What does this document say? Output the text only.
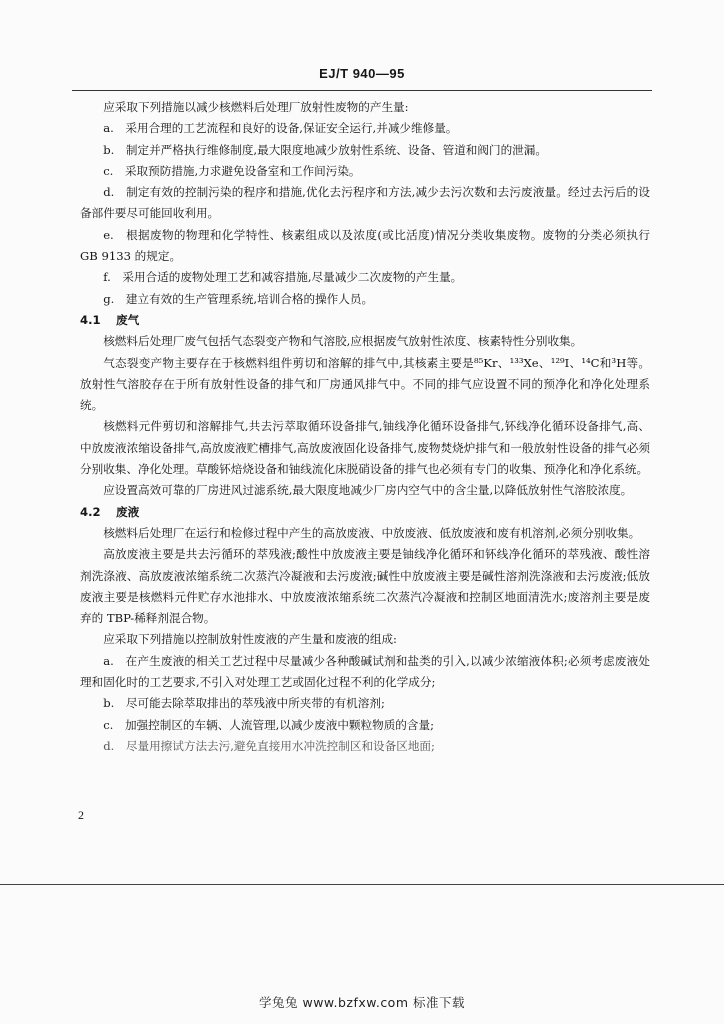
EJ/T 940—95

应采取下列措施以减少核燃料后处理厂放射性废物的产生量:

a.　采用合理的工艺流程和良好的设备,保证安全运行,并减少维修量。

b.　制定并严格执行维修制度,最大限度地减少放射性系统、设备、管道和阀门的泄漏。

c.　采取预防措施,力求避免设备室和工作间污染。

d.　制定有效的控制污染的程序和措施,优化去污程序和方法,减少去污次数和去污废液量。经过去污后的设备部件要尽可能回收利用。

e.　根据废物的物理和化学特性、核素组成以及浓度(或比活度)情况分类收集废物。废物的分类必须执行 GB 9133 的规定。

f.　采用合适的废物处理工艺和减容措施,尽量减少二次废物的产生量。

g.　建立有效的生产管理系统,培训合格的操作人员。

4.1 废气

核燃料后处理厂废气包括气态裂变产物和气溶胶,应根据废气放射性浓度、核素特性分别收集。

气态裂变产物主要存在于核燃料组件剪切和溶解的排气中,其核素主要是⁸⁵Kr、¹³³Xe、¹²⁹I、¹⁴C和³H等。放射性气溶胶存在于所有放射性设备的排气和厂房通风排气中。不同的排气应设置不同的预净化和净化处理系统。

核燃料元件剪切和溶解排气,共去污萃取循环设备排气,铀线净化循环设备排气,钚线净化循环设备排气,高、中放废液浓缩设备排气,高放废液贮槽排气,高放废液固化设备排气,废物焚烧炉排气和一般放射性设备的排气必须分别收集、净化处理。草酸钚焙烧设备和铀线流化床脱硝设备的排气也必须有专门的收集、预净化和净化系统。

应设置高效可靠的厂房进风过滤系统,最大限度地减少厂房内空气中的含尘量,以降低放射性气溶胶浓度。

4.2 废液

核燃料后处理厂在运行和检修过程中产生的高放废液、中放废液、低放废液和废有机溶剂,必须分别收集。

高放废液主要是共去污循环的萃残液;酸性中放废液主要是铀线净化循环和钚线净化循环的萃残液、酸性溶剂洗涤液、高放废液浓缩系统二次蒸汽冷凝液和去污废液;碱性中放废液主要是碱性溶剂洗涤液和去污废液;低放废液主要是核燃料元件贮存水池排水、中放废液浓缩系统二次蒸汽冷凝液和控制区地面清洗水;废溶剂主要是废弃的 TBP-稀释剂混合物。

应采取下列措施以控制放射性废液的产生量和废液的组成:

a.　在产生废液的相关工艺过程中尽量减少各种酸碱试剂和盐类的引入,以减少浓缩液体积;必须考虑废液处理和固化时的工艺要求,不引入对处理工艺或固化过程不利的化学成分;

b.　尽可能去除萃取排出的萃残液中所夹带的有机溶剂;

c.　加强控制区的车辆、人流管理,以减少废液中颗粒物质的含量;

d.　尽量用擦试方法去污,避免直接用水冲洗控制区和设备区地面;

2
学兔兔 www.bzfxw.com 标准下载
